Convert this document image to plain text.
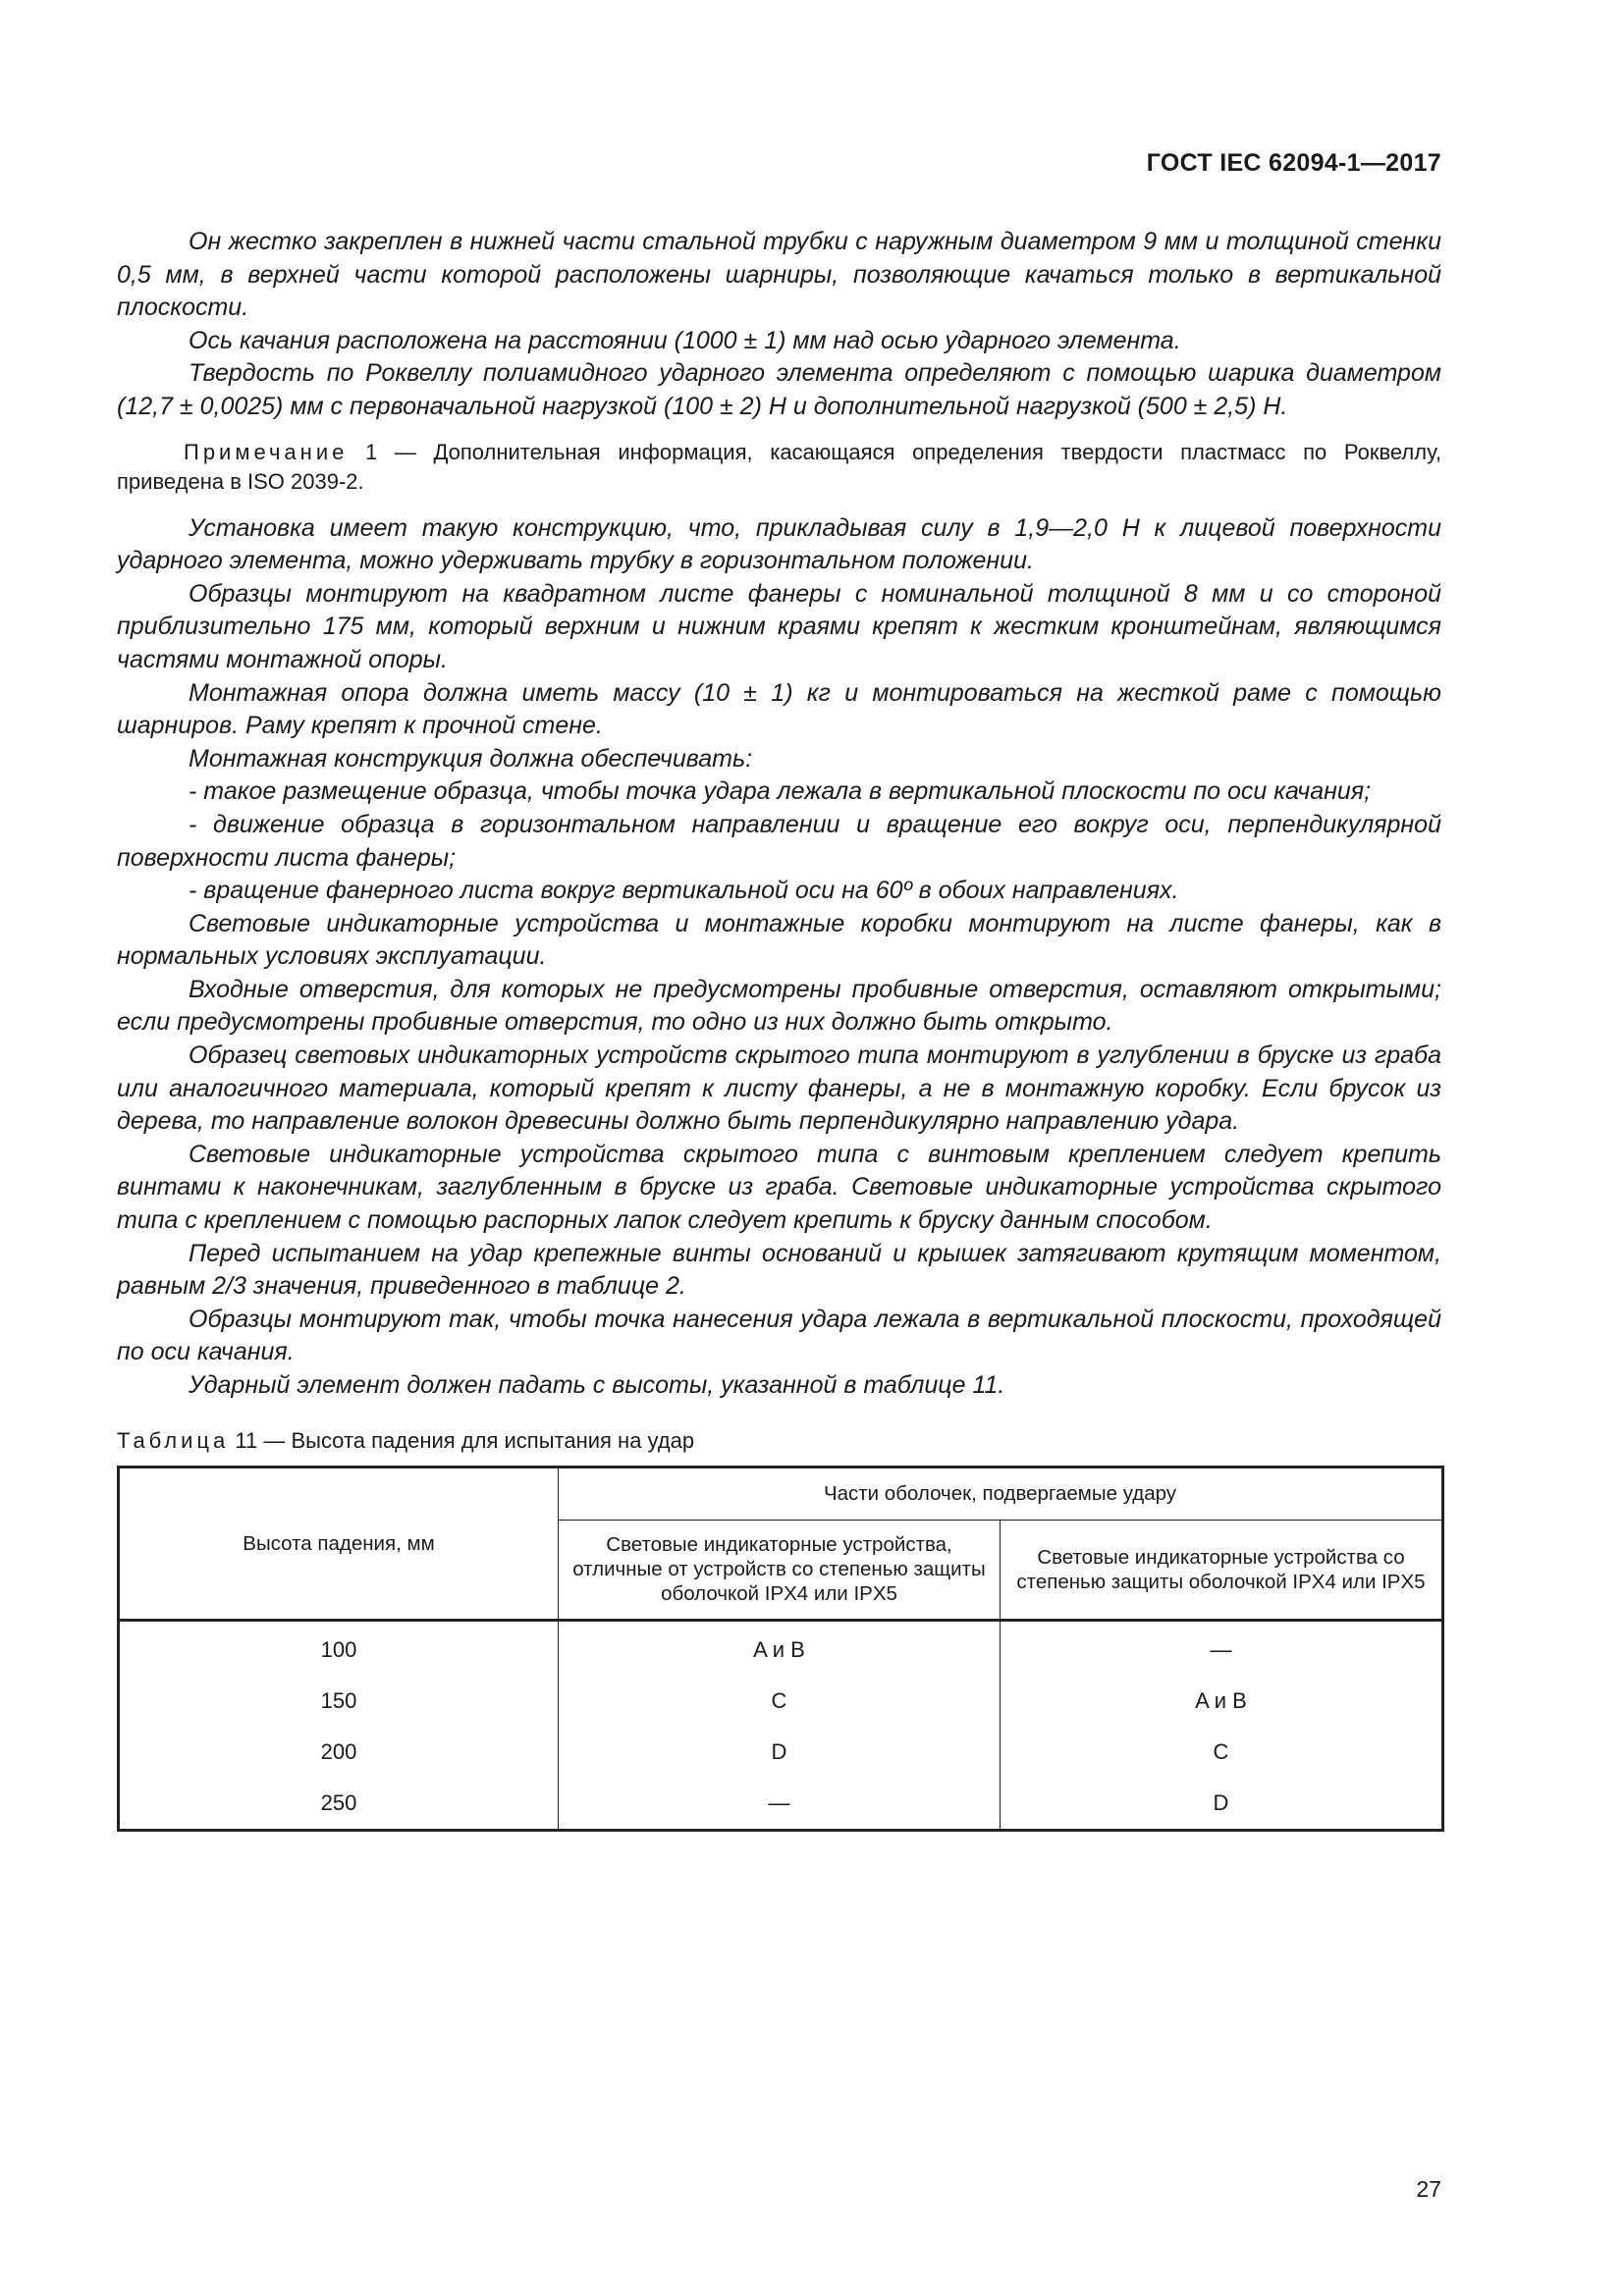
ГОСТ IEC 62094-1—2017

Он жестко закреплен в нижней части стальной трубки с наружным диаметром 9 мм и толщиной стенки 0,5 мм, в верхней части которой расположены шарниры, позволяющие качаться только в вертикальной плоскости.

Ось качания расположена на расстоянии (1000 ± 1) мм над осью ударного элемента.

Твердость по Роквеллу полиамидного ударного элемента определяют с помощью шарика диаметром (12,7 ± 0,0025) мм с первоначальной нагрузкой (100 ± 2) Н и дополнительной нагрузкой (500 ± 2,5) Н.

Примечание 1 — Дополнительная информация, касающаяся определения твердости пластмасс по Роквеллу, приведена в ISO 2039-2.

Установка имеет такую конструкцию, что, прикладывая силу в 1,9—2,0 Н к лицевой поверхности ударного элемента, можно удерживать трубку в горизонтальном положении.

Образцы монтируют на квадратном листе фанеры с номинальной толщиной 8 мм и со стороной приблизительно 175 мм, который верхним и нижним краями крепят к жестким кронштейнам, являющимся частями монтажной опоры.

Монтажная опора должна иметь массу (10 ± 1) кг и монтироваться на жесткой раме с помощью шарниров. Раму крепят к прочной стене.

Монтажная конструкция должна обеспечивать:

- такое размещение образца, чтобы точка удара лежала в вертикальной плоскости по оси качания;

- движение образца в горизонтальном направлении и вращение его вокруг оси, перпендикулярной поверхности листа фанеры;

- вращение фанерного листа вокруг вертикальной оси на 60º в обоих направлениях.

Световые индикаторные устройства и монтажные коробки монтируют на листе фанеры, как в нормальных условиях эксплуатации.

Входные отверстия, для которых не предусмотрены пробивные отверстия, оставляют открытыми; если предусмотрены пробивные отверстия, то одно из них должно быть открыто.

Образец световых индикаторных устройств скрытого типа монтируют в углублении в бруске из граба или аналогичного материала, который крепят к листу фанеры, а не в монтажную коробку. Если брусок из дерева, то направление волокон древесины должно быть перпендикулярно направлению удара.

Световые индикаторные устройства скрытого типа с винтовым креплением следует крепить винтами к наконечникам, заглубленным в бруске из граба. Световые индикаторные устройства скрытого типа с креплением с помощью распорных лапок следует крепить к бруску данным способом.

Перед испытанием на удар крепежные винты оснований и крышек затягивают крутящим моментом, равным 2/3 значения, приведенного в таблице 2.

Образцы монтируют так, чтобы точка нанесения удара лежала в вертикальной плоскости, проходящей по оси качания.

Ударный элемент должен падать с высоты, указанной в таблице 11.

Таблица 11 — Высота падения для испытания на удар
Высота падения, мм	Части оболочек, подвергаемые удару	
	Световые индикаторные устройства, отличные от устройств со степенью защиты оболочкой IPX4 или IPX5	Световые индикаторные устройства со степенью защиты оболочкой IPX4 или IPX5
100	A и B	—
150	C	A и B
200	D	C
250	—	D
27
